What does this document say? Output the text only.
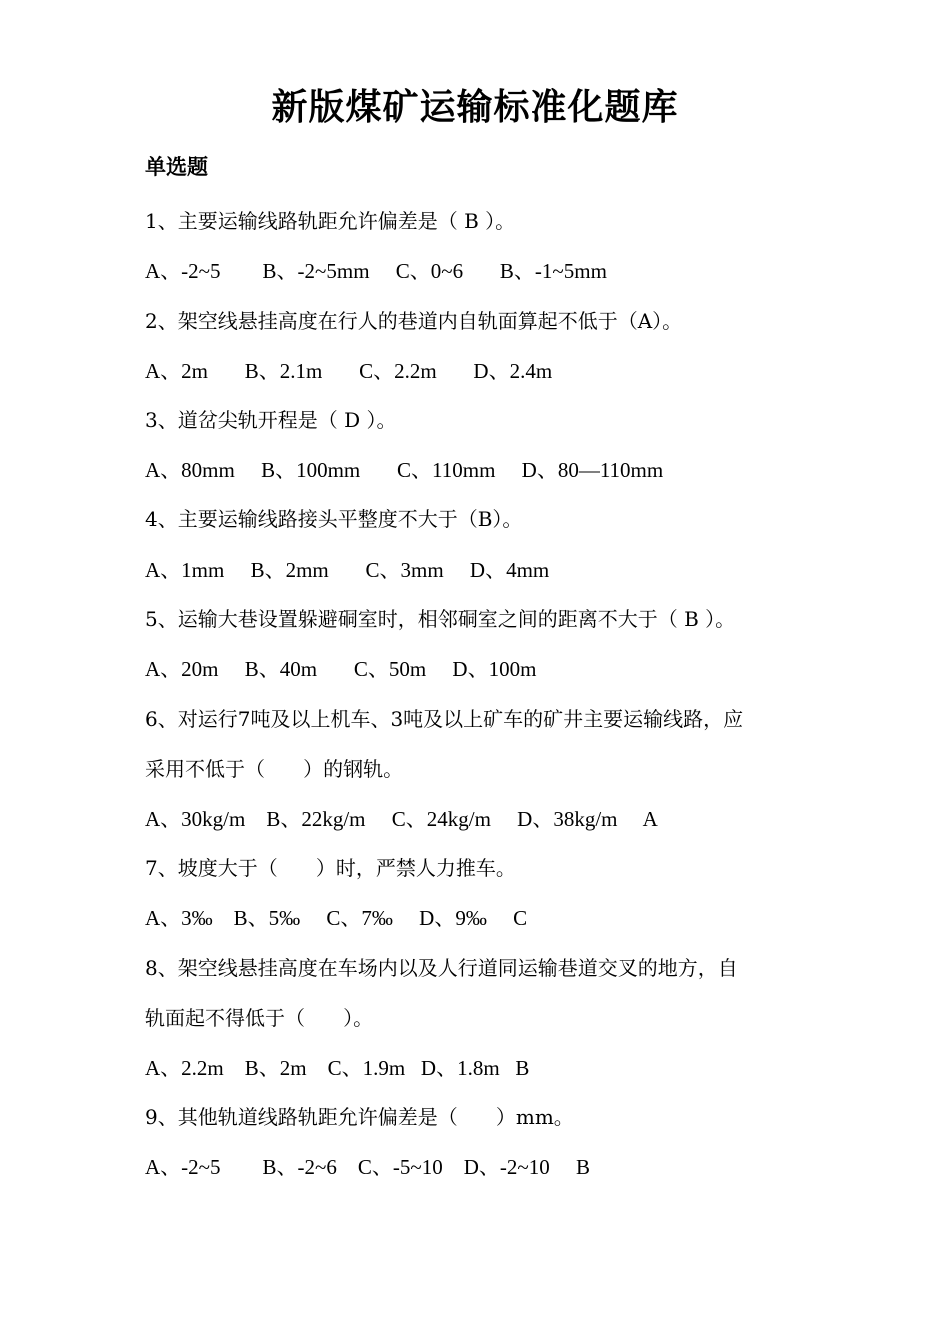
新版煤矿运输标准化题库
单选题
1、主要运输线路轨距允许偏差是（ B ）。
A、-2~5        B、-2~5mm     C、0~6       B、-1~5mm
2、架空线悬挂高度在行人的巷道内自轨面算起不低于（A）。
A、2m       B、2.1m       C、2.2m       D、2.4m
3、道岔尖轨开程是（ D ）。
A、80mm     B、100mm       C、110mm     D、80—110mm
4、主要运输线路接头平整度不大于（B）。
A、1mm     B、2mm       C、3mm     D、4mm
5、运输大巷设置躲避硐室时，相邻硐室之间的距离不大于（ B ）。
A、20m     B、40m       C、50m     D、100m
6、对运行7吨及以上机车、3吨及以上矿车的矿井主要运输线路，应
采用不低于（      ）的钢轨。
A、30kg/m    B、22kg/m     C、24kg/m     D、38kg/m     A
7、坡度大于（      ）时，严禁人力推车。
A、3‰    B、5‰     C、7‰     D、9‰     C
8、架空线悬挂高度在车场内以及人行道同运输巷道交叉的地方，自
轨面起不得低于（      ）。
A、2.2m    B、2m    C、1.9m   D、1.8m   B
9、其他轨道线路轨距允许偏差是（      ）mm。
A、-2~5        B、-2~6    C、-5~10    D、-2~10     B
